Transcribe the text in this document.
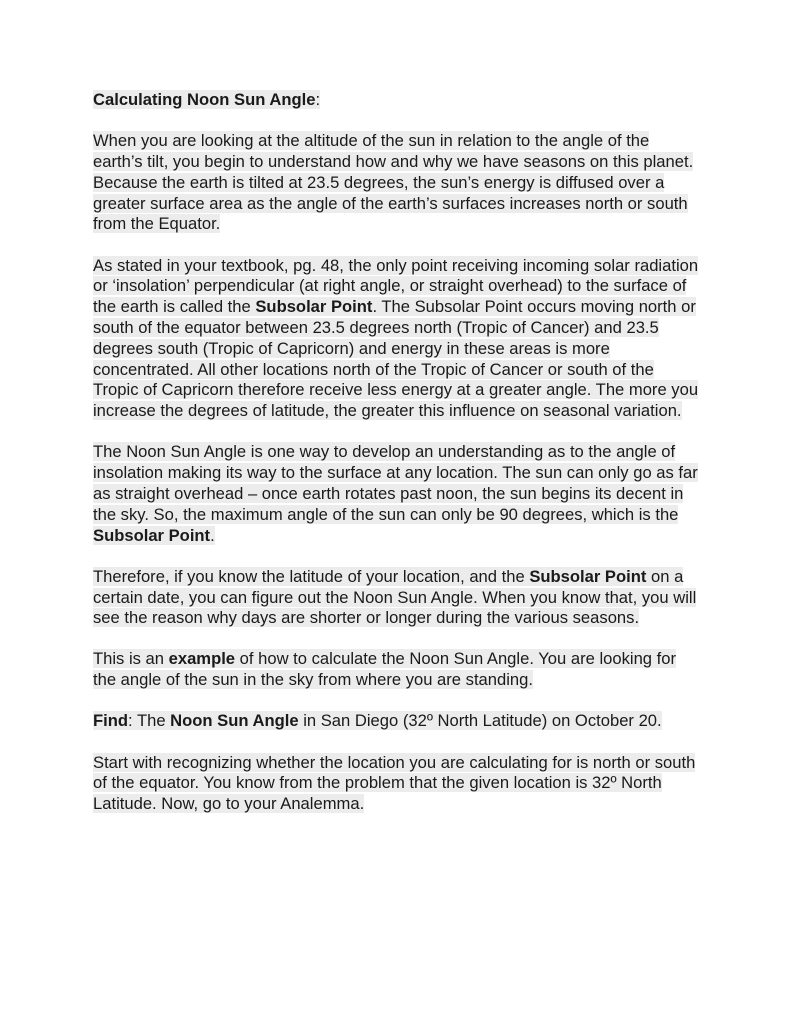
Calculating Noon Sun Angle:

When you are looking at the altitude of the sun in relation to the angle of the earth’s tilt, you begin to understand how and why we have seasons on this planet. Because the earth is tilted at 23.5 degrees, the sun’s energy is diffused over a greater surface area as the angle of the earth’s surfaces increases north or south from the Equator.

As stated in your textbook, pg. 48, the only point receiving incoming solar radiation or ‘insolation’ perpendicular (at right angle, or straight overhead) to the surface of the earth is called the Subsolar Point. The Subsolar Point occurs moving north or south of the equator between 23.5 degrees north (Tropic of Cancer) and 23.5 degrees south (Tropic of Capricorn) and energy in these areas is more concentrated. All other locations north of the Tropic of Cancer or south of the Tropic of Capricorn therefore receive less energy at a greater angle. The more you increase the degrees of latitude, the greater this influence on seasonal variation.

The Noon Sun Angle is one way to develop an understanding as to the angle of insolation making its way to the surface at any location. The sun can only go as far as straight overhead – once earth rotates past noon, the sun begins its decent in the sky. So, the maximum angle of the sun can only be 90 degrees, which is the Subsolar Point.

Therefore, if you know the latitude of your location, and the Subsolar Point on a certain date, you can figure out the Noon Sun Angle. When you know that, you will see the reason why days are shorter or longer during the various seasons.

This is an example of how to calculate the Noon Sun Angle. You are looking for the angle of the sun in the sky from where you are standing.

Find: The Noon Sun Angle in San Diego (32º North Latitude) on October 20.

Start with recognizing whether the location you are calculating for is north or south of the equator. You know from the problem that the given location is 32º North Latitude. Now, go to your Analemma.
